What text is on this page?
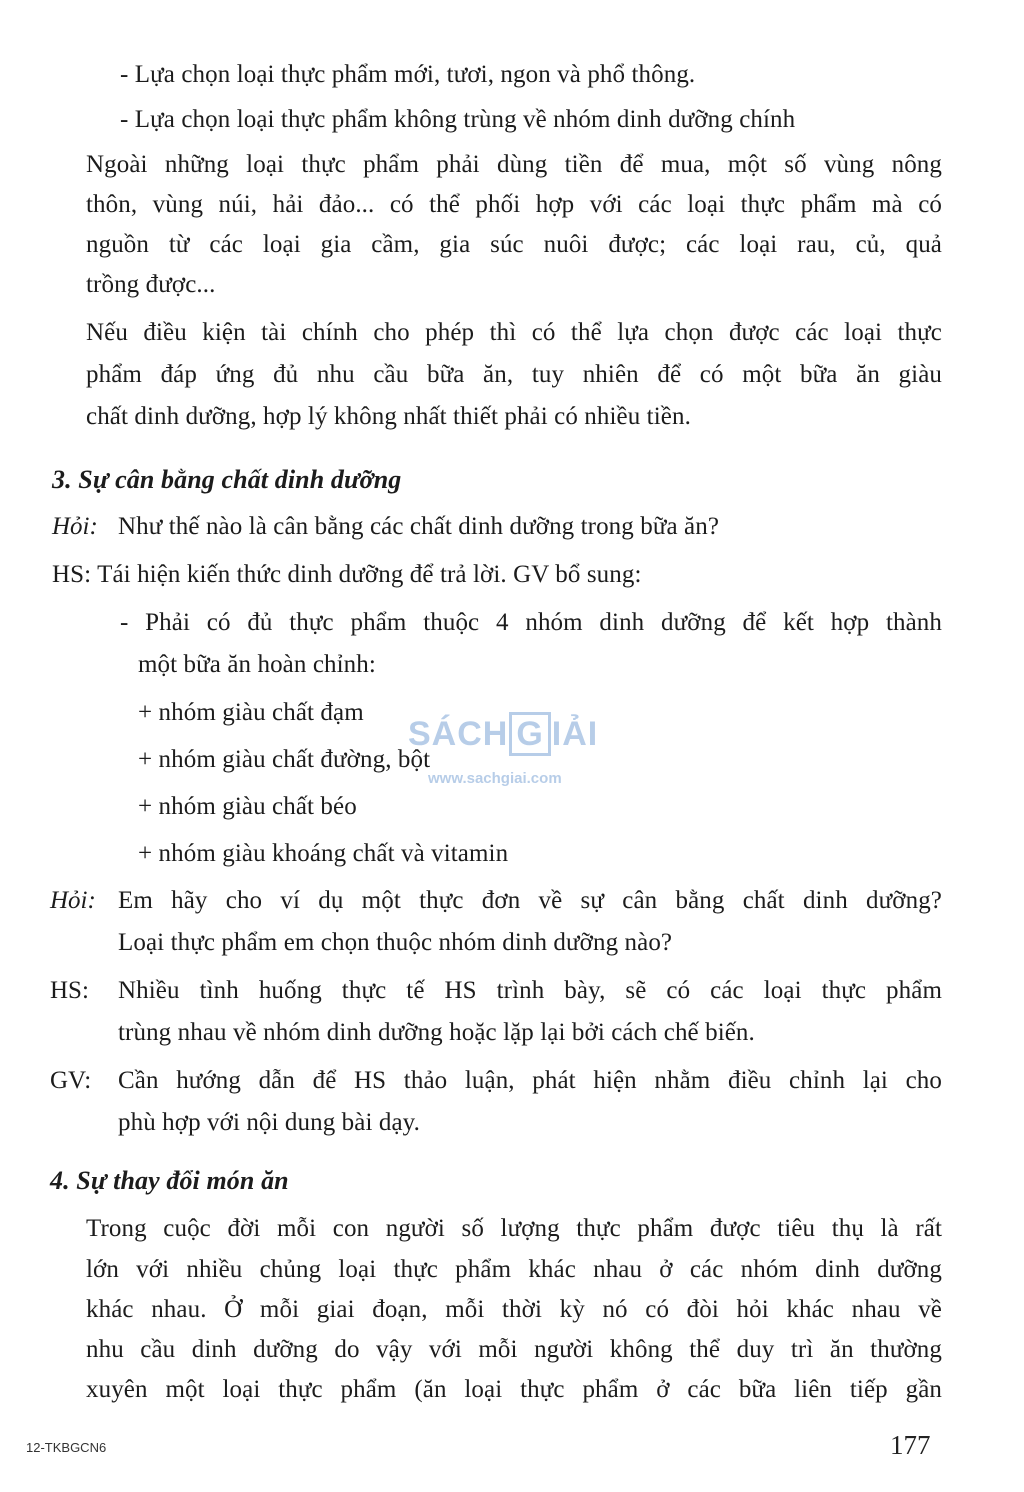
- Lựa chọn loại thực phẩm mới, tươi, ngon và phổ thông.
- Lựa chọn loại thực phẩm không trùng về nhóm dinh dưỡng chính
Ngoài những loại thực phẩm phải dùng tiền để mua, một số vùng nông
thôn, vùng núi, hải đảo... có thể phối hợp với các loại thực phẩm mà có
nguồn từ các loại gia cầm, gia súc nuôi được; các loại rau, củ, quả
trồng được...
Nếu điều kiện tài chính cho phép thì có thể lựa chọn được các loại thực
phẩm đáp ứng đủ nhu cầu bữa ăn, tuy nhiên để có một bữa ăn giàu
chất dinh dưỡng, hợp lý không nhất thiết phải có nhiều tiền.
3. Sự cân bằng chất dinh dưỡng
Hỏi: Như thế nào là cân bằng các chất dinh dưỡng trong bữa ăn?
HS: Tái hiện kiến thức dinh dưỡng để trả lời. GV bổ sung:
- Phải có đủ thực phẩm thuộc 4 nhóm dinh dưỡng để kết hợp thành
một bữa ăn hoàn chỉnh:
+ nhóm giàu chất đạm
+ nhóm giàu chất đường, bột
+ nhóm giàu chất béo
+ nhóm giàu khoáng chất và vitamin
Hỏi: Em hãy cho ví dụ một thực đơn về sự cân bằng chất dinh dưỡng?
Loại thực phẩm em chọn thuộc nhóm dinh dưỡng nào?
HS: Nhiều tình huống thực tế HS trình bày, sẽ có các loại thực phẩm
trùng nhau về nhóm dinh dưỡng hoặc lặp lại bởi cách chế biến.
GV: Cần hướng dẫn để HS thảo luận, phát hiện nhằm điều chỉnh lại cho
phù hợp với nội dung bài dạy.
4. Sự thay đổi món ăn
Trong cuộc đời mỗi con người số lượng thực phẩm được tiêu thụ là rất
lớn với nhiều chủng loại thực phẩm khác nhau ở các nhóm dinh dưỡng
khác nhau. Ở mỗi giai đoạn, mỗi thời kỳ nó có đòi hỏi khác nhau về
nhu cầu dinh dưỡng do vậy với mỗi người không thể duy trì ăn thường
xuyên một loại thực phẩm (ăn loại thực phẩm ở các bữa liên tiếp gần
SÁCH G IẢI
www.sachgiai.com
12-TKBGCN6	177
